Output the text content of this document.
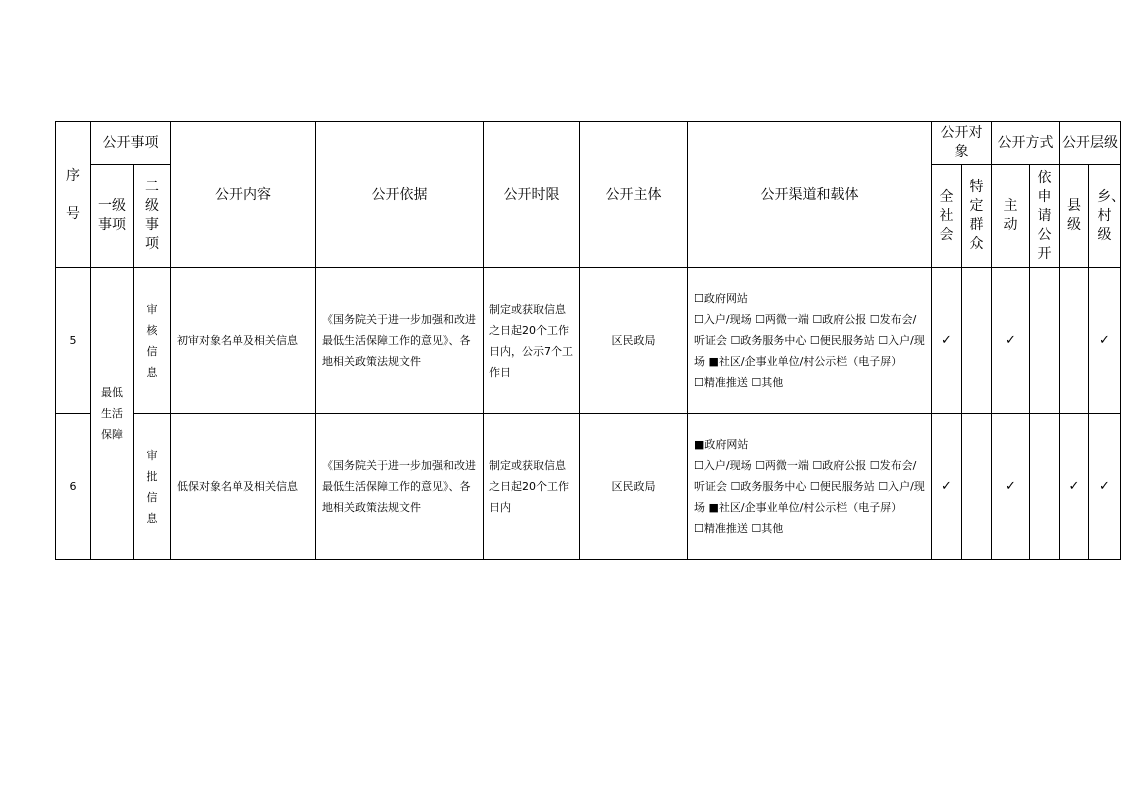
序号	公开事项		公开内容	公开依据	公开时限	公开主体	公开渠道和载体	公开对象		公开方式		公开层级	

	一级事项	二级事项						全社会	特定群众	主动	依申请公开	县级	乡、村级

5	最低生活保障	审核信息	初审对象名单及相关信息	《国务院关于进一步加强和改进最低生活保障工作的意见》、各地相关政策法规文件	制定或获取信息之日起20个工作日内，公示7个工作日	区民政局	☐政府网站
☐入户/现场 ☐两微一端 ☐政府公报 ☐发布会/听证会 ☐政务服务中心 ☐便民服务站 ☐入户/现场 ■社区/企事业单位/村公示栏（电子屏）
☐精准推送 ☐其他	✓		✓			✓
6		审批信息	低保对象名单及相关信息	《国务院关于进一步加强和改进最低生活保障工作的意见》、各地相关政策法规文件	制定或获取信息之日起20个工作日内	区民政局	■政府网站
☐入户/现场 ☐两微一端 ☐政府公报 ☐发布会/听证会 ☐政务服务中心 ☐便民服务站 ☐入户/现场 ■社区/企事业单位/村公示栏（电子屏）
☐精准推送 ☐其他	✓		✓		✓	✓
